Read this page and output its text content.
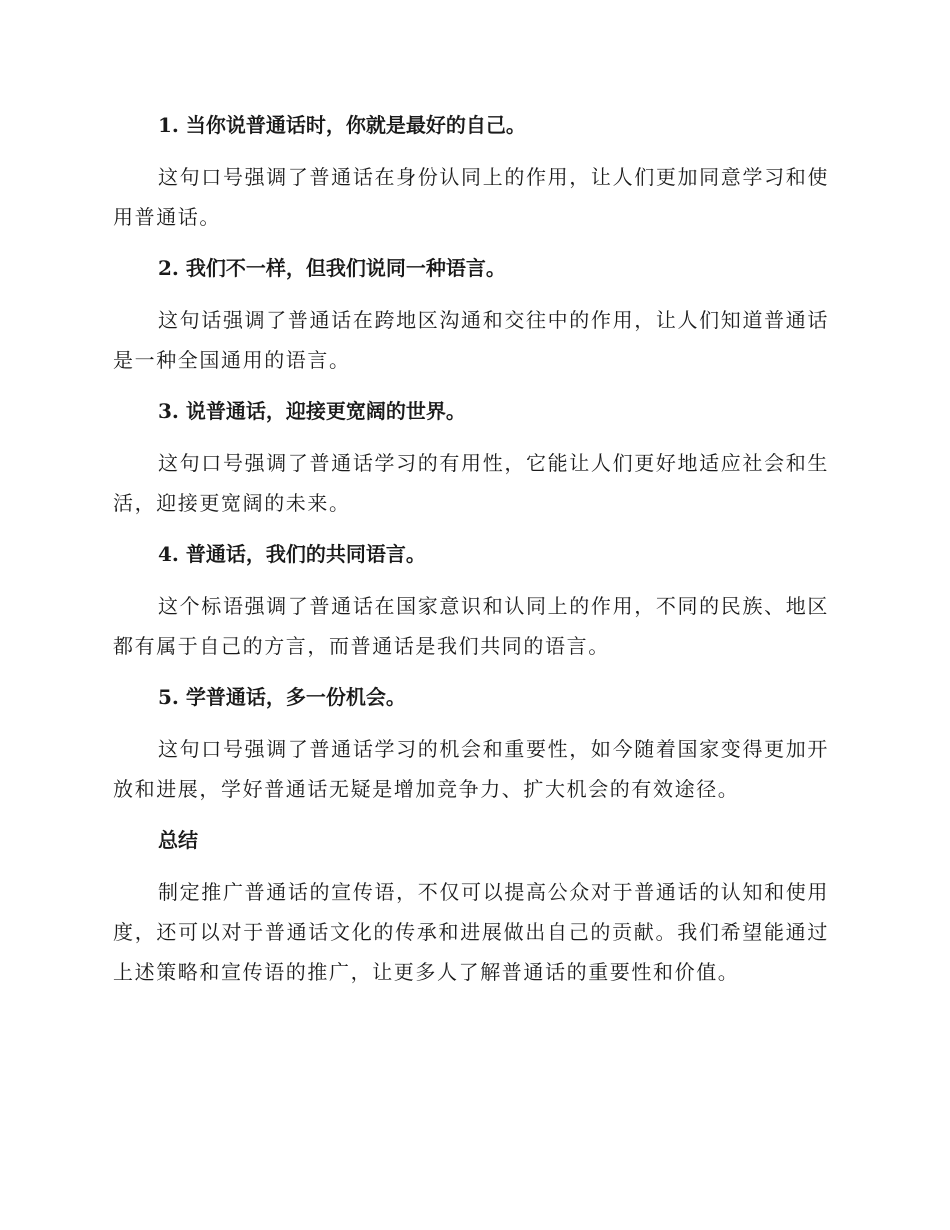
1. 当你说普通话时，你就是最好的自己。

这句口号强调了普通话在身份认同上的作用，让人们更加同意学习和使用普通话。

2. 我们不一样，但我们说同一种语言。

这句话强调了普通话在跨地区沟通和交往中的作用，让人们知道普通话是一种全国通用的语言。

3. 说普通话，迎接更宽阔的世界。

这句口号强调了普通话学习的有用性，它能让人们更好地适应社会和生活，迎接更宽阔的未来。

4. 普通话，我们的共同语言。

这个标语强调了普通话在国家意识和认同上的作用，不同的民族、地区都有属于自己的方言，而普通话是我们共同的语言。

5. 学普通话，多一份机会。

这句口号强调了普通话学习的机会和重要性，如今随着国家变得更加开放和进展，学好普通话无疑是增加竞争力、扩大机会的有效途径。

总结

制定推广普通话的宣传语，不仅可以提高公众对于普通话的认知和使用度，还可以对于普通话文化的传承和进展做出自己的贡献。我们希望能通过上述策略和宣传语的推广，让更多人了解普通话的重要性和价值。
